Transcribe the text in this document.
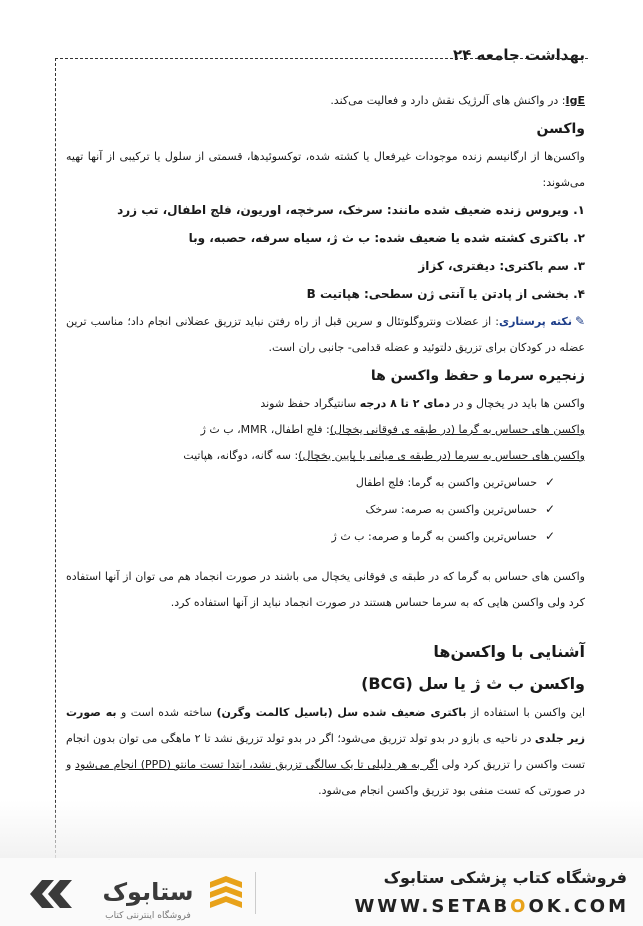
بهداشت جامعه ۲۴

IgE: در واکنش های آلرژیک نقش دارد و فعالیت می‌کند.

واکسن

واکسن‌ها از ارگانیسم زنده موجودات غیرفعال یا کشته شده، توکسوئیدها، قسمتی از سلول یا ترکیبی از آنها تهیه می‌شوند:

۱. ویروس زنده ضعیف شده مانند: سرخک، سرخچه، اوریون، فلج اطفال، تب زرد

۲. باکتری کشته شده یا ضعیف شده: ب ث ژ، سیاه سرفه، حصبه، وبا

۳. سم باکتری: دیفتری، کزاز

۴. بخشی از پادتن یا آنتی ژن سطحی: هپاتیت B

✎نکته پرستاری: از عضلات ونتروگلوتئال و سرین قبل از راه رفتن نباید تزریق عضلانی انجام داد؛ مناسب ترین عضله در کودکان برای تزریق دلتوئید و عضله قدامی- جانبی ران است.

زنجیره سرما و حفظ واکسن ها

واکسن ها باید در یخچال و در دمای ۲ تا ۸ درجه سانتیگراد حفظ شوند

واکسن های حساس به گرما (در طبقه ی فوقانی یخچال): فلج اطفال، MMR، ب ث ژ

واکسن های حساس به سرما (در طبقه ی میانی یا پایین یخچال): سه گانه، دوگانه، هپاتیت

✓حساس‌ترین واکسن به گرما: فلج اطفال
✓حساس‌ترین واکسن به صرمه: سرخک
✓حساس‌ترین واکسن به گرما و صرمه: ب ث ژ

واکسن های حساس به گرما که در طبقه ی فوقانی یخچال می باشند در صورت انجماد هم می توان از آنها استفاده کرد ولی واکسن هایی که به سرما حساس هستند در صورت انجماد نباید از آنها استفاده کرد.

آشنایی با واکسن‌ها

واکسن ب ث ژ یا سل (BCG)

این واکسن با استفاده از باکتری ضعیف شده سل (باسیل کالمت وگرن) ساخته شده است و به صورت زیر جلدی در ناحیه ی بازو در بدو تولد تزریق می‌شود؛ اگر در بدو تولد تزریق نشد تا ۲ ماهگی می توان بدون انجام تست واکسن را تزریق کرد ولی اگر به هر دلیلی تا یک سالگی تزریق نشد، ابتدا تست مانتو (PPD) انجام می‌شود و در صورتی که تست منفی بود تزریق واکسن انجام می‌شود.

ستابوک
فروشگاه اینترنتی کتاب
فروشگاه کتاب پزشکی ستابوک
WWW.SETABOOK.COM
